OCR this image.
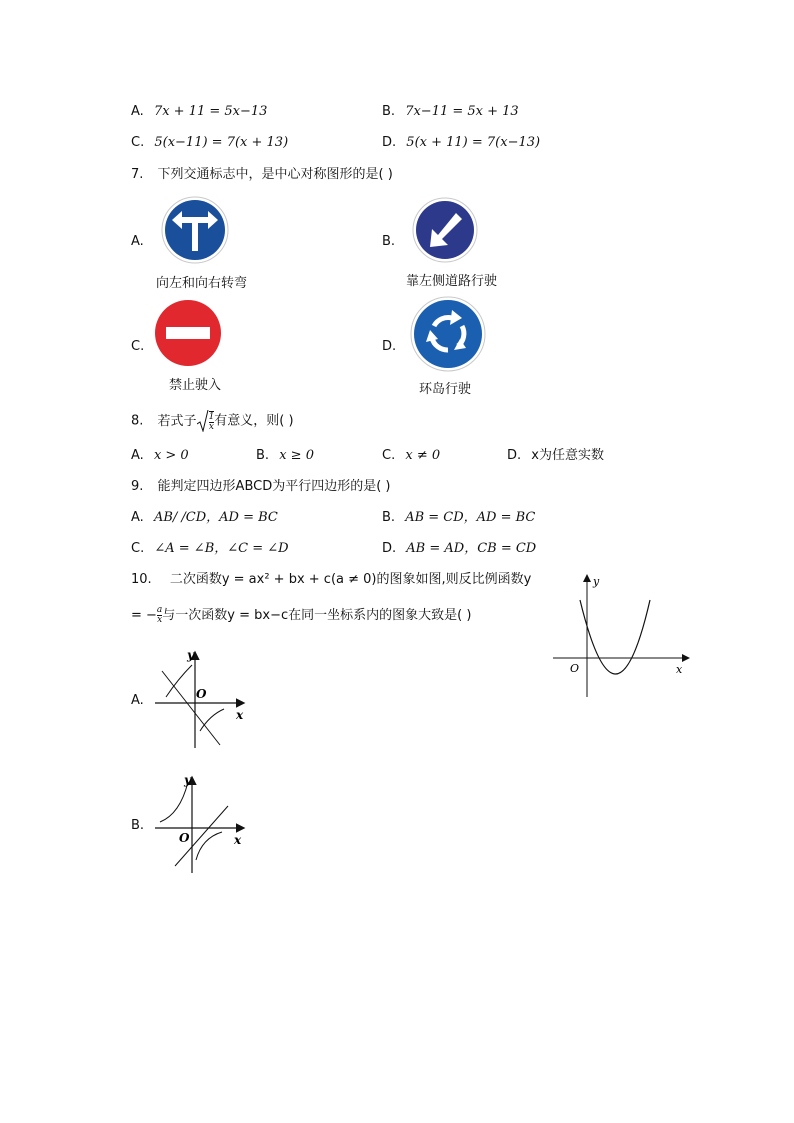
A. 7x + 11 = 5x−13	B. 7x−11 = 5x + 13
C. 5(x−11) = 7(x + 13)	D. 5(x + 11) = 7(x−13)
7. 下列交通标志中，是中心对称图形的是( )
A.
向左和向右转弯
B.
靠左侧道路行驶
C.
禁止驶入
D.
环岛行驶
8. 若式子 $\frac{1}{x}$ 有意义，则( )
A. x > 0	B. x ≥ 0	C. x ≠ 0	D. x为任意实数
9. 能判定四边形ABCD为平行四边形的是( )
A. AB/ /CD，AD = BC	B. AB = CD，AD = BC
C. ∠A = ∠B，∠C = ∠D	D. AB = AD，CB = CD
10. 二次函数y = ax² + bx + c(a ≠ 0)的图象如图,则反比例函数y
= − $\frac{a}{x}$ 与一次函数y = bx−c在同一坐标系内的图象大致是( )
y
x
O
A.
y
x
O
B.
y
x
O
